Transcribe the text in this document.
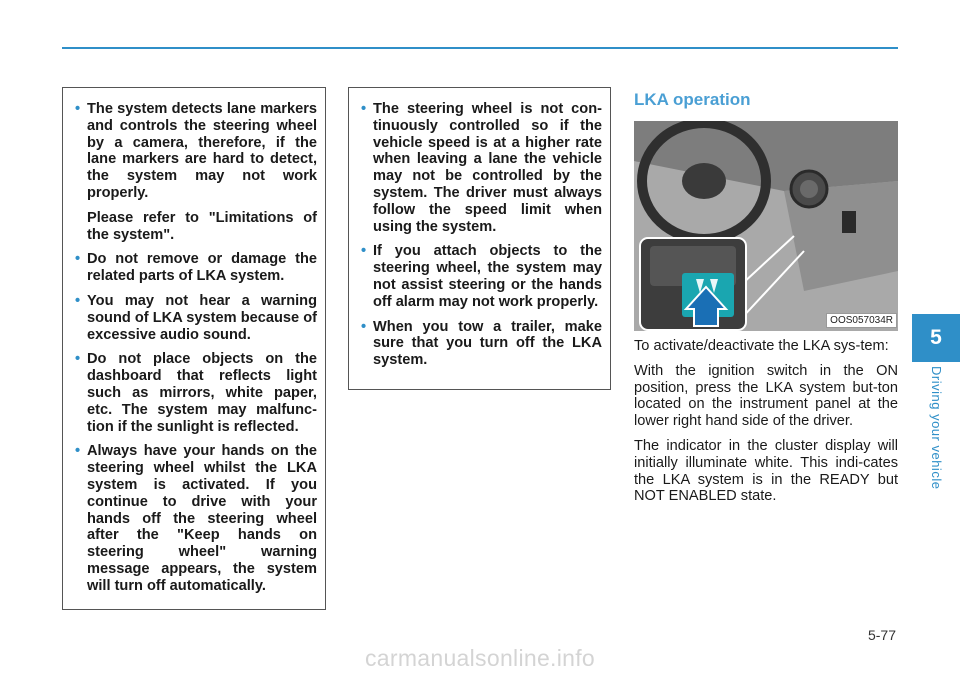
• The system detects lane markers and controls the steering wheel by a camera, therefore, if the lane markers are hard to detect, the system may not work properly.

Please refer to "Limitations of the system".

• Do not remove or damage the related parts of LKA system.

• You may not hear a warning sound of LKA system because of excessive audio sound.

• Do not place objects on the dashboard that reflects light such as mirrors, white paper, etc. The system may malfunc-tion if the sunlight is reflected.

• Always have your hands on the steering wheel whilst the LKA system is activated. If you continue to drive with your hands off the steering wheel after the "Keep hands on steering wheel" warning message appears, the system will turn off automatically.

• The steering wheel is not con-tinuously controlled so if the vehicle speed is at a higher rate when leaving a lane the vehicle may not be controlled by the system. The driver must always follow the speed limit when using the system.

• If you attach objects to the steering wheel, the system may not assist steering or the hands off alarm may not work properly.

• When you tow a trailer, make sure that you turn off the LKA system.

LKA operation
OOS057034R

To activate/deactivate the LKA sys-tem:

With the ignition switch in the ON position, press the LKA system but-ton located on the instrument panel at the lower right hand side of the driver.

The indicator in the cluster display will initially illuminate white. This indi-cates the LKA system is in the READY but NOT ENABLED state.

5
Driving your vehicle
5-77
carmanualsonline.info
